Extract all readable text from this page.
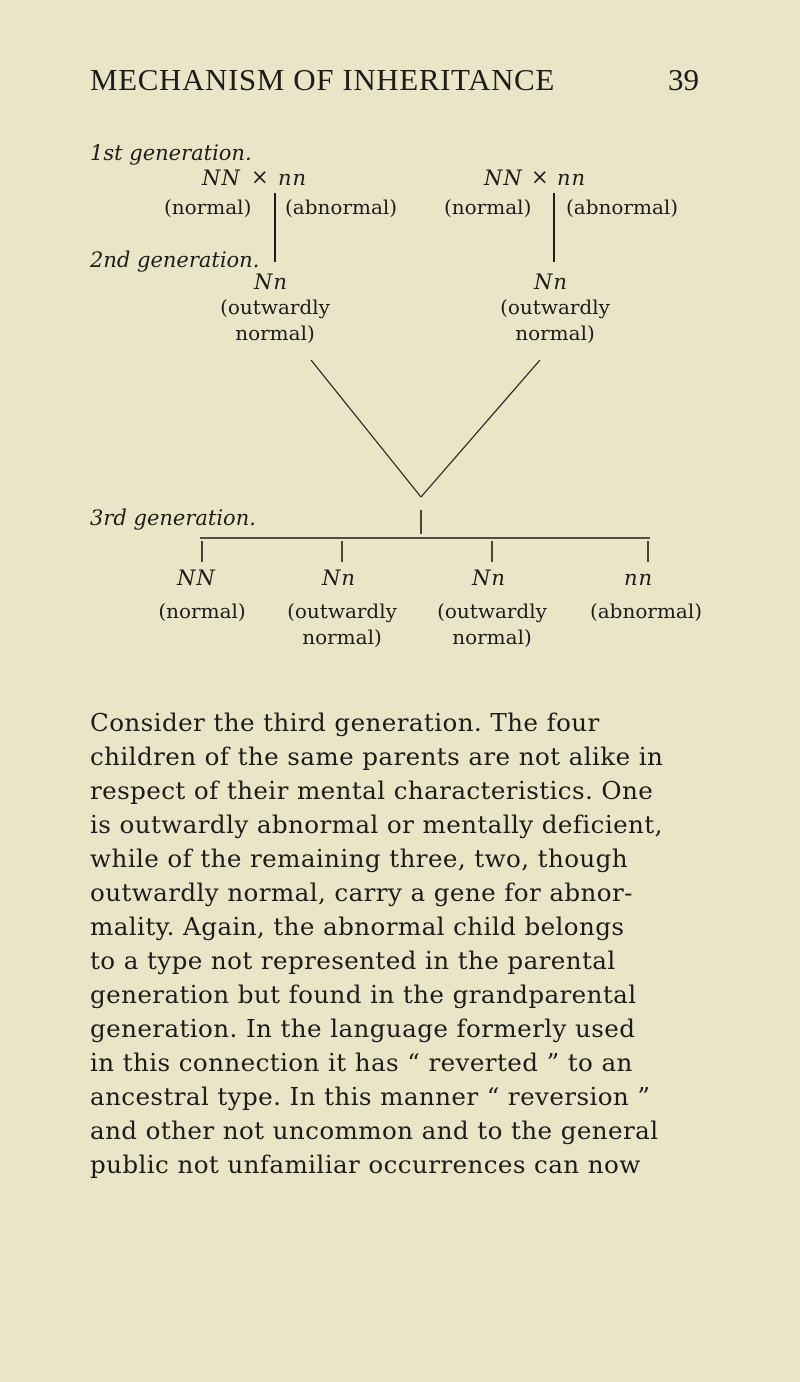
MECHANISM OF INHERITANCE	39
1st generation.
2nd generation.
3rd generation.
NN × nn
(normal) (abnormal)
NN × nn
(normal) (abnormal)
Nn
(outwardly
normal)
Nn
(outwardly
normal)
NN
(normal)
Nn
(outwardly
normal)
Nn
(outwardly
normal)
nn
(abnormal)
Consider the third generation. The four
children of the same parents are not alike in
respect of their mental characteristics. One
is outwardly abnormal or mentally deficient,
while of the remaining three, two, though
outwardly normal, carry a gene for abnor-
mality. Again, the abnormal child belongs
to a type not represented in the parental
generation but found in the grandparental
generation. In the language formerly used
in this connection it has “ reverted ” to an
ancestral type. In this manner “ reversion ”
and other not uncommon and to the general
public not unfamiliar occurrences can now
